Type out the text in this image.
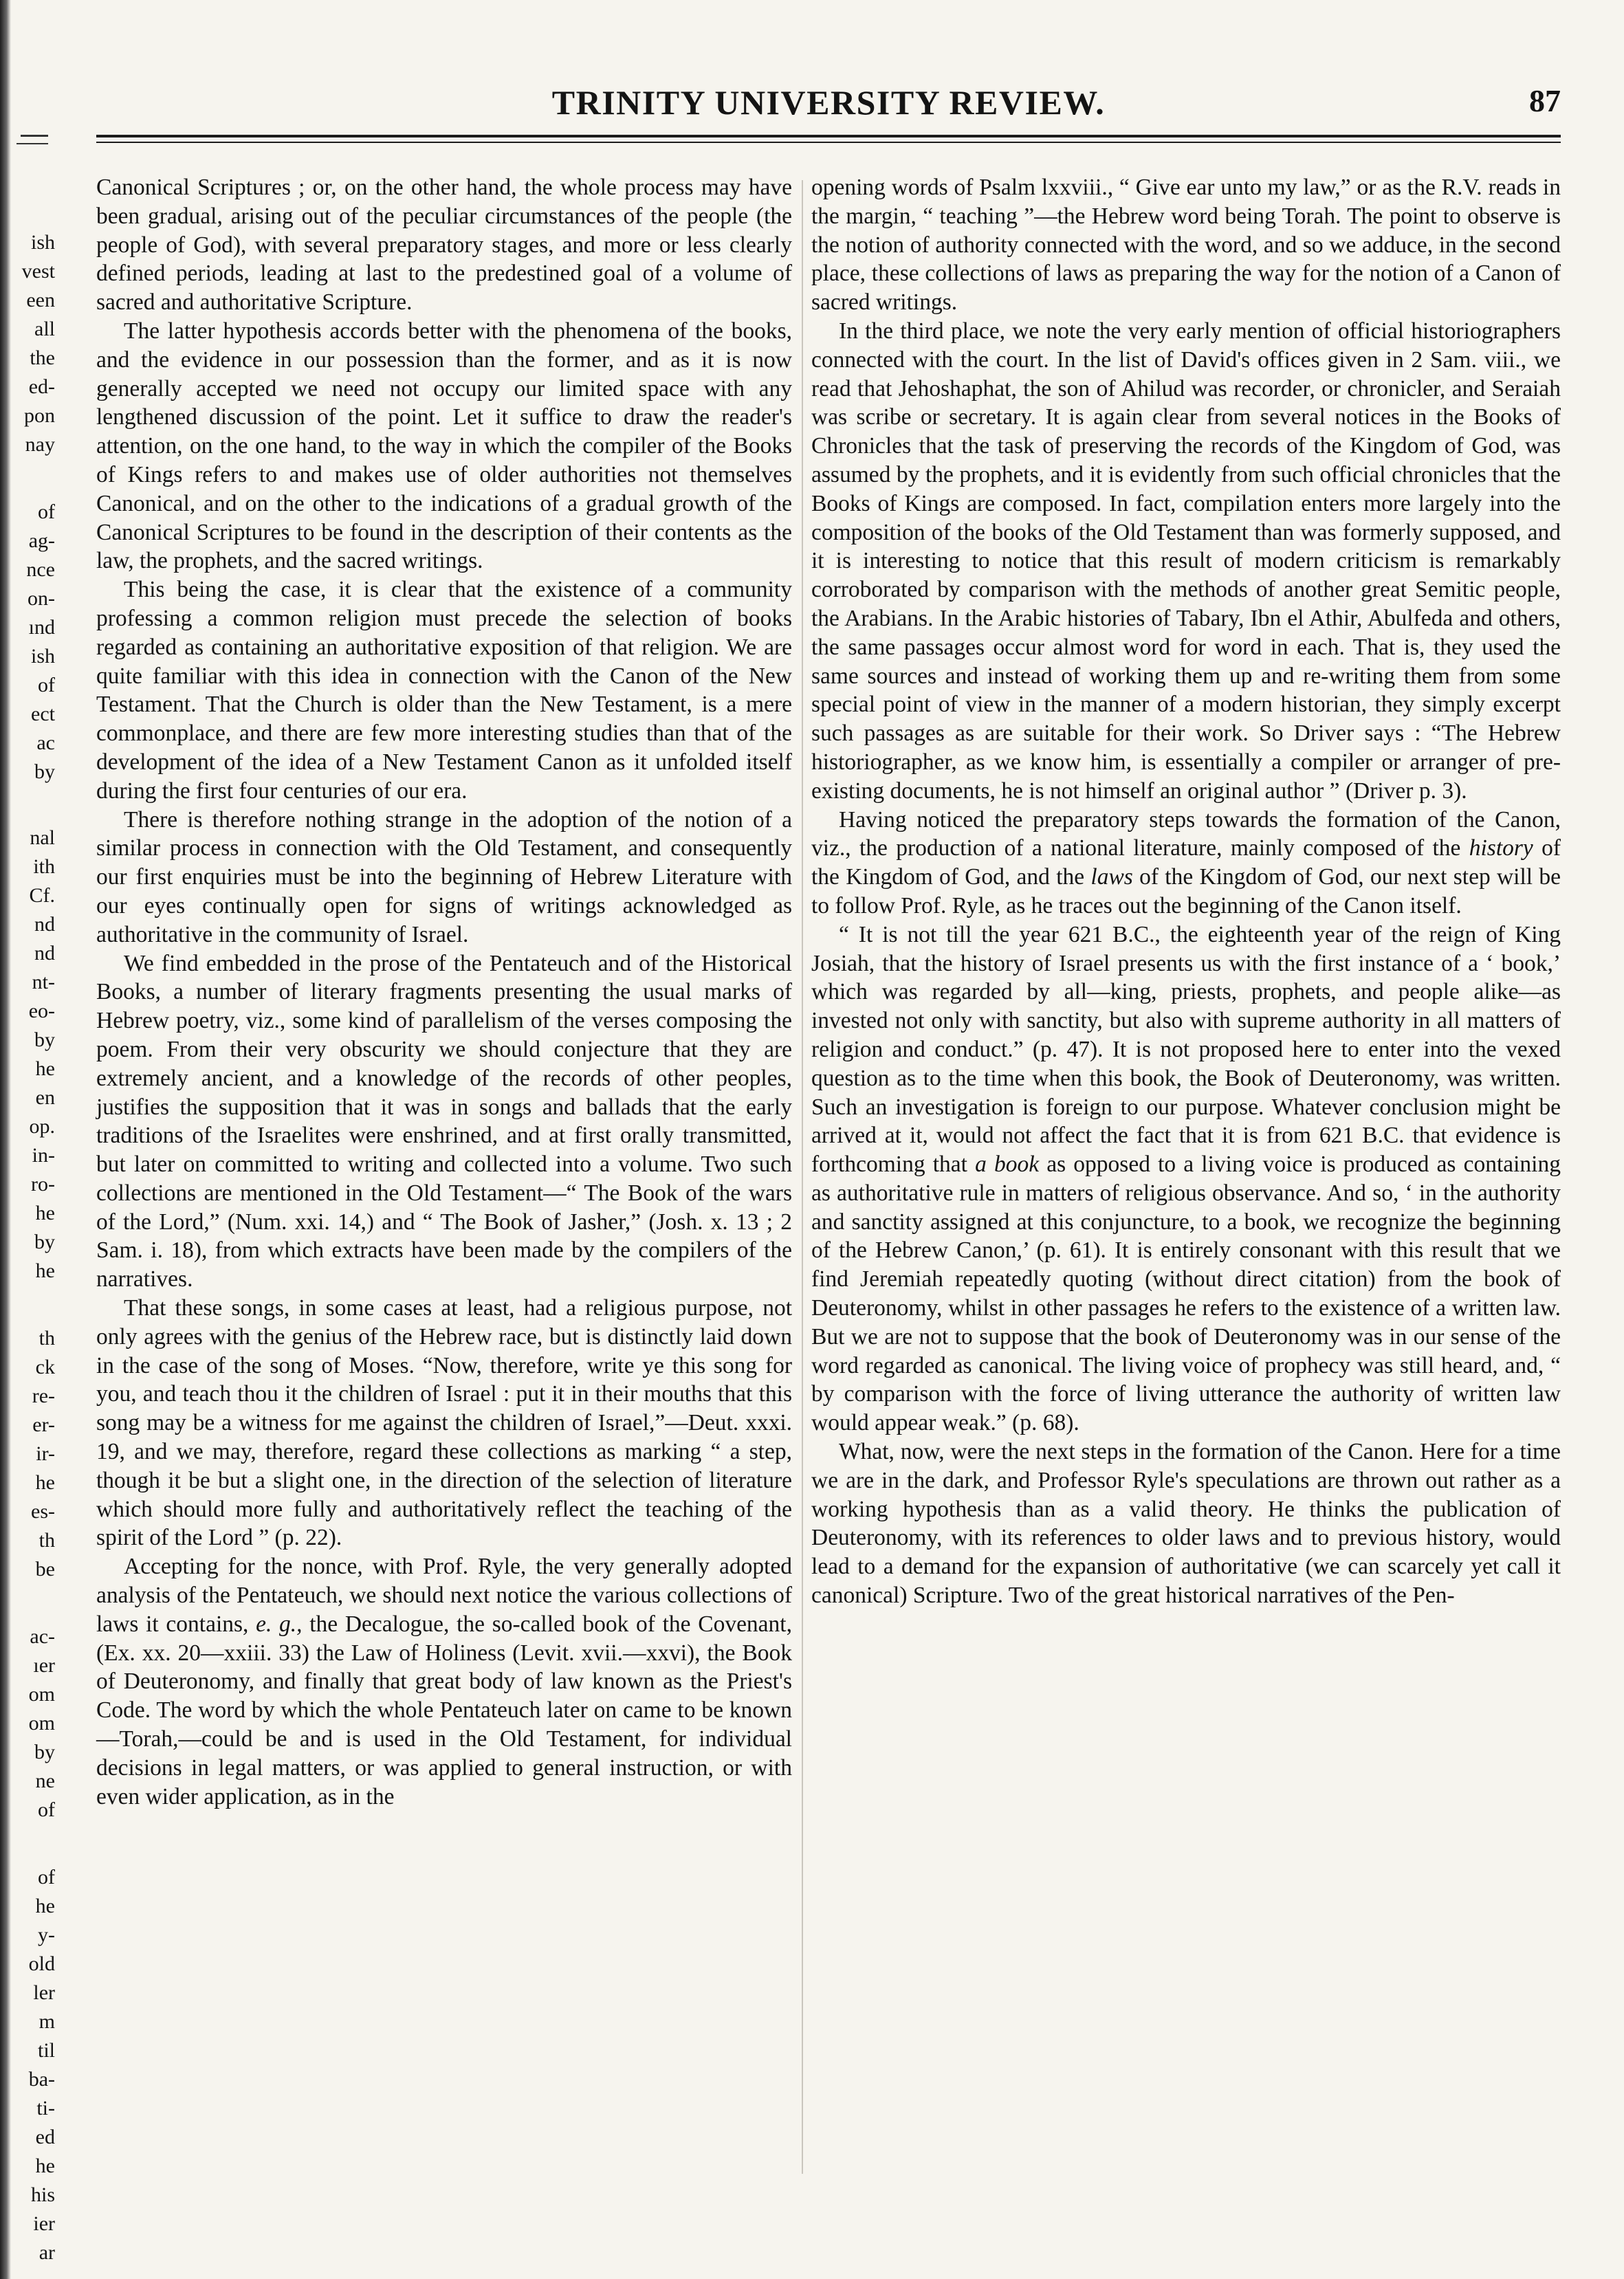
ish
vest
een
all
the
ed-
pon
nay
of
ag-
nce
on-
ınd
ish
of
ect
ac
by
nal
ith
Cf.
nd
nd
nt-
eo-
by
he
en
op.
in-
ro-
he
by
he
th
ck
re-
er-
ir-
he
es-
th
be
ac-
ıer
om
om
by
ne
of
of
he
y-
old
ler
m
til
ba-
ti-
ed
he
his
ier
ar
TRINITY UNIVERSITY REVIEW.	87

Canonical Scriptures ; or, on the other hand, the whole process may have been gradual, arising out of the peculiar circumstances of the people (the people of God), with several preparatory stages, and more or less clearly defined periods, leading at last to the predestined goal of a volume of sacred and authoritative Scripture.

The latter hypothesis accords better with the phenomena of the books, and the evidence in our possession than the former, and as it is now generally accepted we need not occupy our limited space with any lengthened discussion of the point. Let it suffice to draw the reader's attention, on the one hand, to the way in which the compiler of the Books of Kings refers to and makes use of older authorities not themselves Canonical, and on the other to the indications of a gradual growth of the Canonical Scriptures to be found in the description of their contents as the law, the prophets, and the sacred writings.

This being the case, it is clear that the existence of a community professing a common religion must precede the selection of books regarded as containing an authoritative exposition of that religion. We are quite familiar with this idea in connection with the Canon of the New Testament. That the Church is older than the New Testament, is a mere commonplace, and there are few more interesting studies than that of the development of the idea of a New Testament Canon as it unfolded itself during the first four centuries of our era.

There is therefore nothing strange in the adoption of the notion of a similar process in connection with the Old Testament, and consequently our first enquiries must be into the beginning of Hebrew Literature with our eyes continually open for signs of writings acknowledged as authoritative in the community of Israel.

We find embedded in the prose of the Pentateuch and of the Historical Books, a number of literary fragments presenting the usual marks of Hebrew poetry, viz., some kind of parallelism of the verses composing the poem. From their very obscurity we should conjecture that they are extremely ancient, and a knowledge of the records of other peoples, justifies the supposition that it was in songs and ballads that the early traditions of the Israelites were enshrined, and at first orally transmitted, but later on committed to writing and collected into a volume. Two such collections are mentioned in the Old Testament—“ The Book of the wars of the Lord,” (Num. xxi. 14,) and “ The Book of Jasher,” (Josh. x. 13 ; 2 Sam. i. 18), from which extracts have been made by the compilers of the narratives.

That these songs, in some cases at least, had a religious purpose, not only agrees with the genius of the Hebrew race, but is distinctly laid down in the case of the song of Moses. “Now, therefore, write ye this song for you, and teach thou it the children of Israel : put it in their mouths that this song may be a witness for me against the children of Israel,”—Deut. xxxi. 19, and we may, therefore, regard these collections as marking “ a step, though it be but a slight one, in the direction of the selection of literature which should more fully and authoritatively reflect the teaching of the spirit of the Lord ” (p. 22).

Accepting for the nonce, with Prof. Ryle, the very generally adopted analysis of the Pentateuch, we should next notice the various collections of laws it contains, e. g., the Decalogue, the so-called book of the Covenant, (Ex. xx. 20—xxiii. 33) the Law of Holiness (Levit. xvii.—xxvi), the Book of Deuteronomy, and finally that great body of law known as the Priest's Code. The word by which the whole Pentateuch later on came to be known —Torah,—could be and is used in the Old Testament, for individual decisions in legal matters, or was applied to general instruction, or with even wider application, as in the

opening words of Psalm lxxviii., “ Give ear unto my law,” or as the R.V. reads in the margin, “ teaching ”—the Hebrew word being Torah. The point to observe is the notion of authority connected with the word, and so we adduce, in the second place, these collections of laws as preparing the way for the notion of a Canon of sacred writings.

In the third place, we note the very early mention of official historiographers connected with the court. In the list of David's offices given in 2 Sam. viii., we read that Jehoshaphat, the son of Ahilud was recorder, or chronicler, and Seraiah was scribe or secretary. It is again clear from several notices in the Books of Chronicles that the task of preserving the records of the Kingdom of God, was assumed by the prophets, and it is evidently from such official chronicles that the Books of Kings are composed. In fact, compilation enters more largely into the composition of the books of the Old Testament than was formerly supposed, and it is interesting to notice that this result of modern criticism is remarkably corroborated by comparison with the methods of another great Semitic people, the Arabians. In the Arabic histories of Tabary, Ibn el Athir, Abulfeda and others, the same passages occur almost word for word in each. That is, they used the same sources and instead of working them up and re-writing them from some special point of view in the manner of a modern historian, they simply excerpt such passages as are suitable for their work. So Driver says : “The Hebrew historiographer, as we know him, is essentially a compiler or arranger of pre-existing documents, he is not himself an original author ” (Driver p. 3).

Having noticed the preparatory steps towards the formation of the Canon, viz., the production of a national literature, mainly composed of the history of the Kingdom of God, and the laws of the Kingdom of God, our next step will be to follow Prof. Ryle, as he traces out the beginning of the Canon itself.

“ It is not till the year 621 B.C., the eighteenth year of the reign of King Josiah, that the history of Israel presents us with the first instance of a ‘ book,’ which was regarded by all—king, priests, prophets, and people alike—as invested not only with sanctity, but also with supreme authority in all matters of religion and conduct.” (p. 47). It is not proposed here to enter into the vexed question as to the time when this book, the Book of Deuteronomy, was written. Such an investigation is foreign to our purpose. Whatever conclusion might be arrived at it, would not affect the fact that it is from 621 B.C. that evidence is forthcoming that a book as opposed to a living voice is produced as containing as authoritative rule in matters of religious observance. And so, ‘ in the authority and sanctity assigned at this conjuncture, to a book, we recognize the beginning of the Hebrew Canon,’ (p. 61). It is entirely consonant with this result that we find Jeremiah repeatedly quoting (without direct citation) from the book of Deuteronomy, whilst in other passages he refers to the existence of a written law. But we are not to suppose that the book of Deuteronomy was in our sense of the word regarded as canonical. The living voice of prophecy was still heard, and, “ by comparison with the force of living utterance the authority of written law would appear weak.” (p. 68).

What, now, were the next steps in the formation of the Canon. Here for a time we are in the dark, and Professor Ryle's speculations are thrown out rather as a working hypothesis than as a valid theory. He thinks the publication of Deuteronomy, with its references to older laws and to previous history, would lead to a demand for the expansion of authoritative (we can scarcely yet call it canonical) Scripture. Two of the great historical narratives of the Pen-
